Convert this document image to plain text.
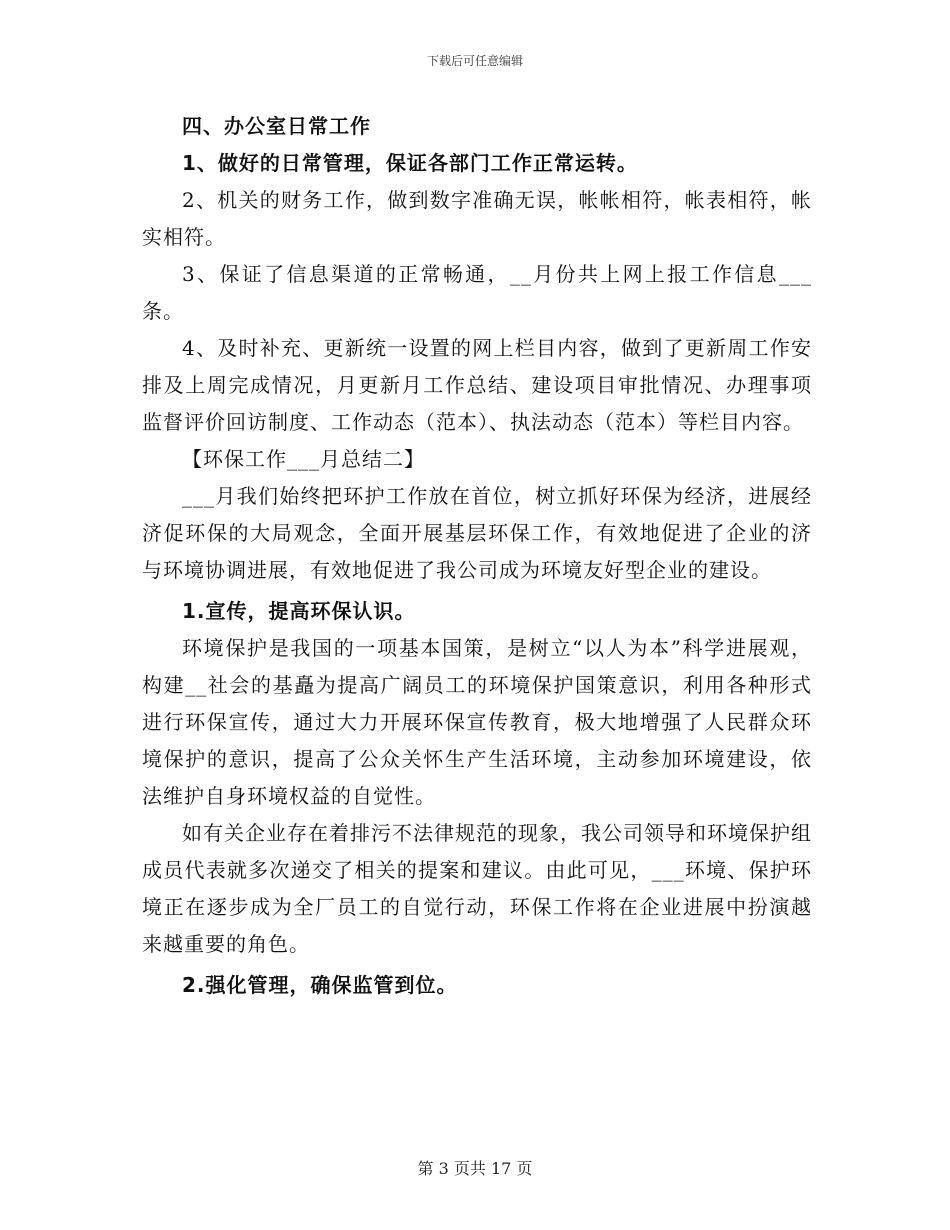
下载后可任意编辑

四、办公室日常工作

1、做好的日常管理，保证各部门工作正常运转。

2、机关的财务工作，做到数字准确无误，帐帐相符，帐表相符，帐实相符。

3、保证了信息渠道的正常畅通，__月份共上网上报工作信息___条。

4、及时补充、更新统一设置的网上栏目内容，做到了更新周工作安排及上周完成情况，月更新月工作总结、建设项目审批情况、办理事项监督评价回访制度、工作动态（范本）、执法动态（范本）等栏目内容。

【环保工作___月总结二】

___月我们始终把环护工作放在首位，树立抓好环保为经济，进展经济促环保的大局观念，全面开展基层环保工作，有效地促进了企业的济与环境协调进展，有效地促进了我公司成为环境友好型企业的建设。

1.宣传，提高环保认识。

环境保护是我国的一项基本国策，是树立“以人为本”科学进展观，构建__社会的基矗为提高广阔员工的环境保护国策意识，利用各种形式进行环保宣传，通过大力开展环保宣传教育，极大地增强了人民群众环境保护的意识，提高了公众关怀生产生活环境，主动参加环境建设，依法维护自身环境权益的自觉性。

如有关企业存在着排污不法律规范的现象，我公司领导和环境保护组成员代表就多次递交了相关的提案和建议。由此可见，___环境、保护环境正在逐步成为全厂员工的自觉行动，环保工作将在企业进展中扮演越来越重要的角色。

2.强化管理，确保监管到位。

第 3 页共 17 页
